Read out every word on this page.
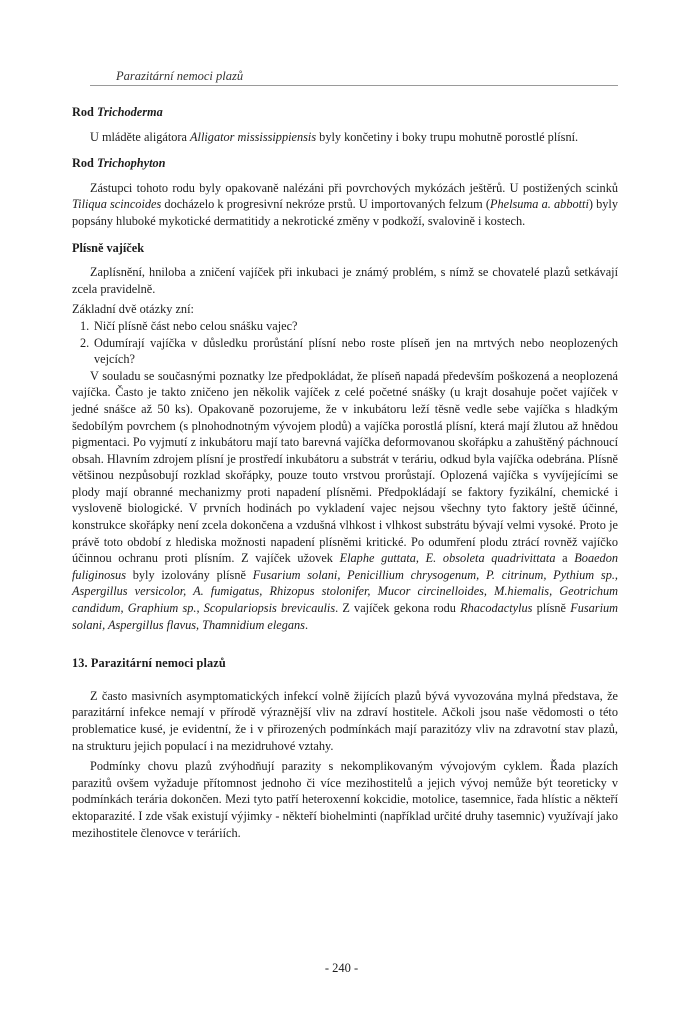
Parazitární nemoci plazů

Rod Trichoderma

U mláděte aligátora Alligator mississippiensis byly končetiny i boky trupu mohutně porostlé plísní.

Rod Trichophyton

Zástupci tohoto rodu byly opakovaně nalézáni při povrchových mykózách ještěrů. U postižených scinků Tiliqua scincoides docházelo k progresivní nekróze prstů. U importovaných felzum (Phelsuma a. abbotti) byly popsány hluboké mykotické dermatitidy a nekrotické změny v podkoží, svalovině i kostech.

Plísně vajíček

Zaplísnění, hniloba a zničení vajíček při inkubaci je známý problém, s nímž se chovatelé plazů setkávají zcela pravidelně.

Základní dvě otázky zní:

1. Ničí plísně část nebo celou snášku vajec?
2. Odumírají vajíčka v důsledku prorůstání plísní nebo roste plíseň jen na mrtvých nebo neoplozených vejcích?

V souladu se současnými poznatky lze předpokládat, že plíseň napadá především poškozená a neoplozená vajíčka. Často je takto zničeno jen několik vajíček z celé početné snášky (u krajt dosahuje počet vajíček v jedné snášce až 50 ks). Opakovaně pozorujeme, že v inkubátoru leží těsně vedle sebe vajíčka s hladkým šedobílým povrchem (s plnohodnotným vývojem plodů) a vajíčka porostlá plísní, která mají žlutou až hnědou pigmentaci. Po vyjmutí z inkubátoru mají tato barevná vajíčka deformovanou skořápku a zahuštěný páchnoucí obsah. Hlavním zdrojem plísní je prostředí inkubátoru a substrát v teráriu, odkud byla vajíčka odebrána. Plísně většinou nezpůsobují rozklad skořápky, pouze touto vrstvou prorůstají. Oplozená vajíčka s vyvíjejícími se plody mají obranné mechanizmy proti napadení plísněmi. Předpokládají se faktory fyzikální, chemické i vysloveně biologické. V prvních hodinách po vykladení vajec nejsou všechny tyto faktory ještě účinné, konstrukce skořápky není zcela dokončena a vzdušná vlhkost i vlhkost substrátu bývají velmi vysoké. Proto je právě toto období z hlediska možnosti napadení plísněmi kritické. Po odumření plodu ztrácí rovněž vajíčko účinnou ochranu proti plísním. Z vajíček užovek Elaphe guttata, E. obsoleta quadrivittata a Boaedon fuliginosus byly izolovány plísně Fusarium solani, Penicillium chrysogenum, P. citrinum, Pythium sp., Aspergillus versicolor, A. fumigatus, Rhizopus stolonifer, Mucor circinelloides, M.hiemalis, Geotrichum candidum, Graphium sp., Scopulariopsis brevicaulis. Z vajíček gekona rodu Rhacodactylus plísně Fusarium solani, Aspergillus flavus, Thamnidium elegans.

13. Parazitární nemoci plazů

Z často masivních asymptomatických infekcí volně žijících plazů bývá vyvozována mylná představa, že parazitární infekce nemají v přírodě výraznější vliv na zdraví hostitele. Ačkoli jsou naše vědomosti o této problematice kusé, je evidentní, že i v přirozených podmínkách mají parazitózy vliv na zdravotní stav plazů, na strukturu jejich populací i na mezidruhové vztahy.

Podmínky chovu plazů zvýhodňují parazity s nekomplikovaným vývojovým cyklem. Řada plazích parazitů ovšem vyžaduje přítomnost jednoho či více mezihostitelů a jejich vývoj nemůže být teoreticky v podmínkách terária dokončen. Mezi tyto patří heteroxenní kokcidie, motolice, tasemnice, řada hlístic a někteří ektoparazité. I zde však existují výjimky - někteří biohelminti (například určité druhy tasemnic) využívají jako mezihostitele členovce v teráriích.

- 240 -
